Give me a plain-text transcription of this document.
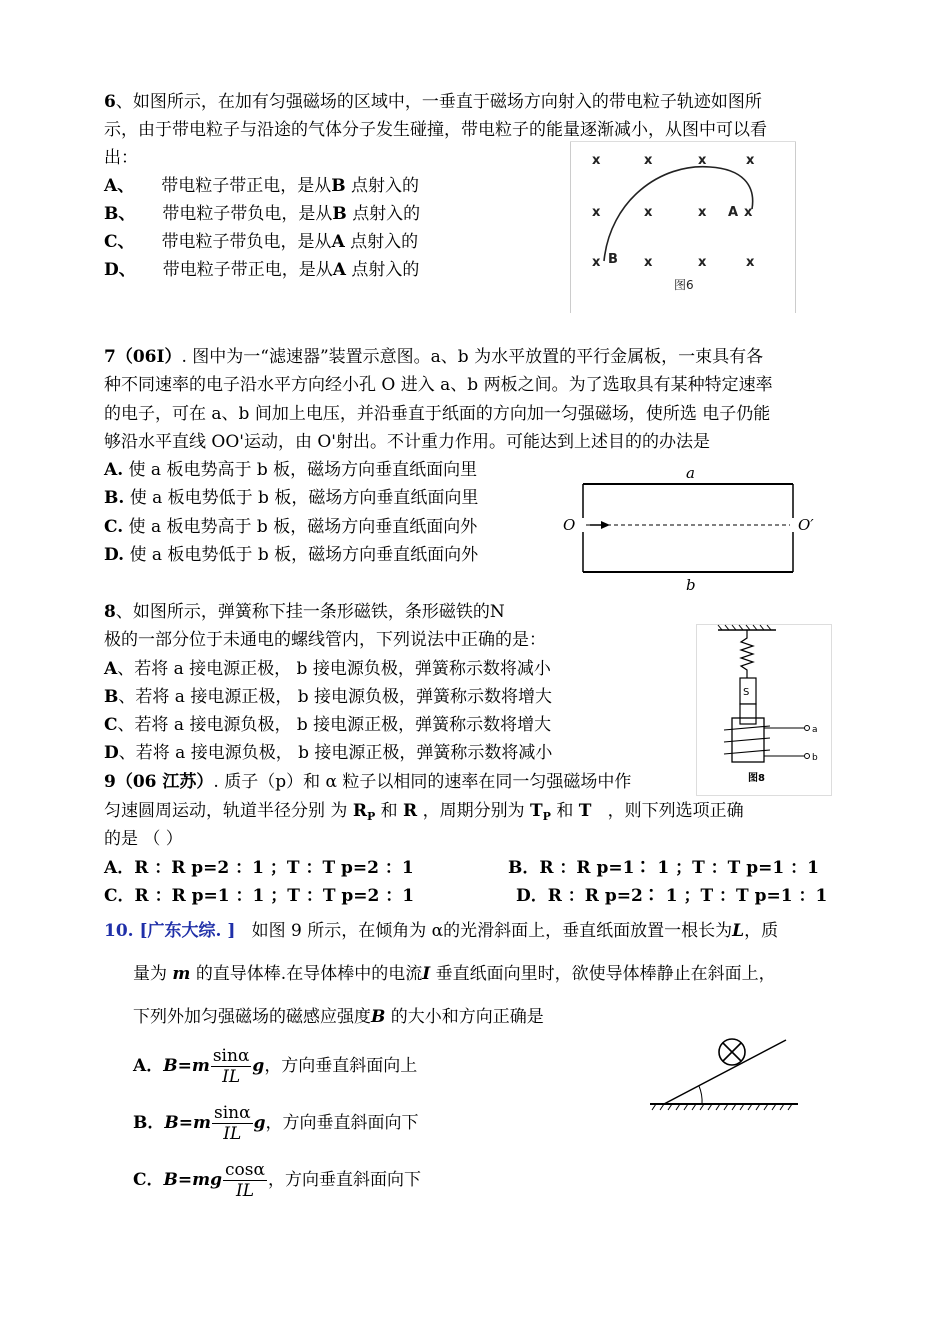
6、如图所示，在加有匀强磁场的区域中，一垂直于磁场方向射入的带电粒子轨迹如图所
示，由于带电粒子与沿途的气体分子发生碰撞，带电粒子的能量逐渐减小，从图中可以看
出：
A、 带电粒子带正电，是从B 点射入的
B、 带电粒子带负电，是从B 点射入的
C、 带电粒子带负电，是从A 点射入的
D、 带电粒子带正电，是从A 点射入的
x	x	x	x
x	x	x	x
x	x	x	x
A
B
图6
7（06Ⅰ）. 图中为一“滤速器”装置示意图。a、b 为水平放置的平行金属板，一束具有各
种不同速率的电子沿水平方向经小孔 O 进入 a、b 两板之间。为了选取具有某种特定速率
的电子，可在 a、b 间加上电压，并沿垂直于纸面的方向加一匀强磁场，使所选 电子仍能
够沿水平直线 OO'运动，由 O'射出。不计重力作用。可能达到上述目的的办法是
A. 使 a 板电势高于 b 板，磁场方向垂直纸面向里
B. 使 a 板电势低于 b 板，磁场方向垂直纸面向里
C. 使 a 板电势高于 b 板，磁场方向垂直纸面向外
D. 使 a 板电势低于 b 板，磁场方向垂直纸面向外
a
b
O	O′
8、如图所示，弹簧称下挂一条形磁铁，条形磁铁的N
极的一部分位于未通电的螺线管内，下列说法中正确的是：
A、若将 a 接电源正极， b 接电源负极，弹簧称示数将减小
B、若将 a 接电源正极， b 接电源负极，弹簧称示数将增大
C、若将 a 接电源负极， b 接电源正极，弹簧称示数将增大
D、若将 a 接电源负极， b 接电源正极，弹簧称示数将减小
S
a
b
图8
9（06 江苏）. 质子（p）和 α 粒子以相同的速率在同一匀强磁场中作
匀速圆周运动，轨道半径分别 为 $R_P$ 和 R ，周期分别为 $T_P$ 和 T ，则下列选项正确
的是 （ ）
A．R ：R p=2 ：1 ；T ：T p=2 ：1	B．R ：R p=1∶ 1 ；T ：T p=1 ：1
C．R ：R p=1 ：1 ；T ：T p=2 ：1	D．R ：R p=2∶ 1 ；T ：T p=1 ：1
10. [广东大综. ] 如图 9 所示，在倾角为 α的光滑斜面上，垂直纸面放置一根长为L，质
量为 m 的直导体棒.在导体棒中的电流I 垂直纸面向里时，欲使导体棒静止在斜面上，
下列外加匀强磁场的磁感应强度B 的大小和方向正确是
A．$B=m \frac{\sin\alpha}{IL}$ g，方向垂直斜面向上
B．$B=m \frac{\sin\alpha}{IL}$ g，方向垂直斜面向下
C．$B=mg \frac{\cos\alpha}{IL}$ ，方向垂直斜面向下
